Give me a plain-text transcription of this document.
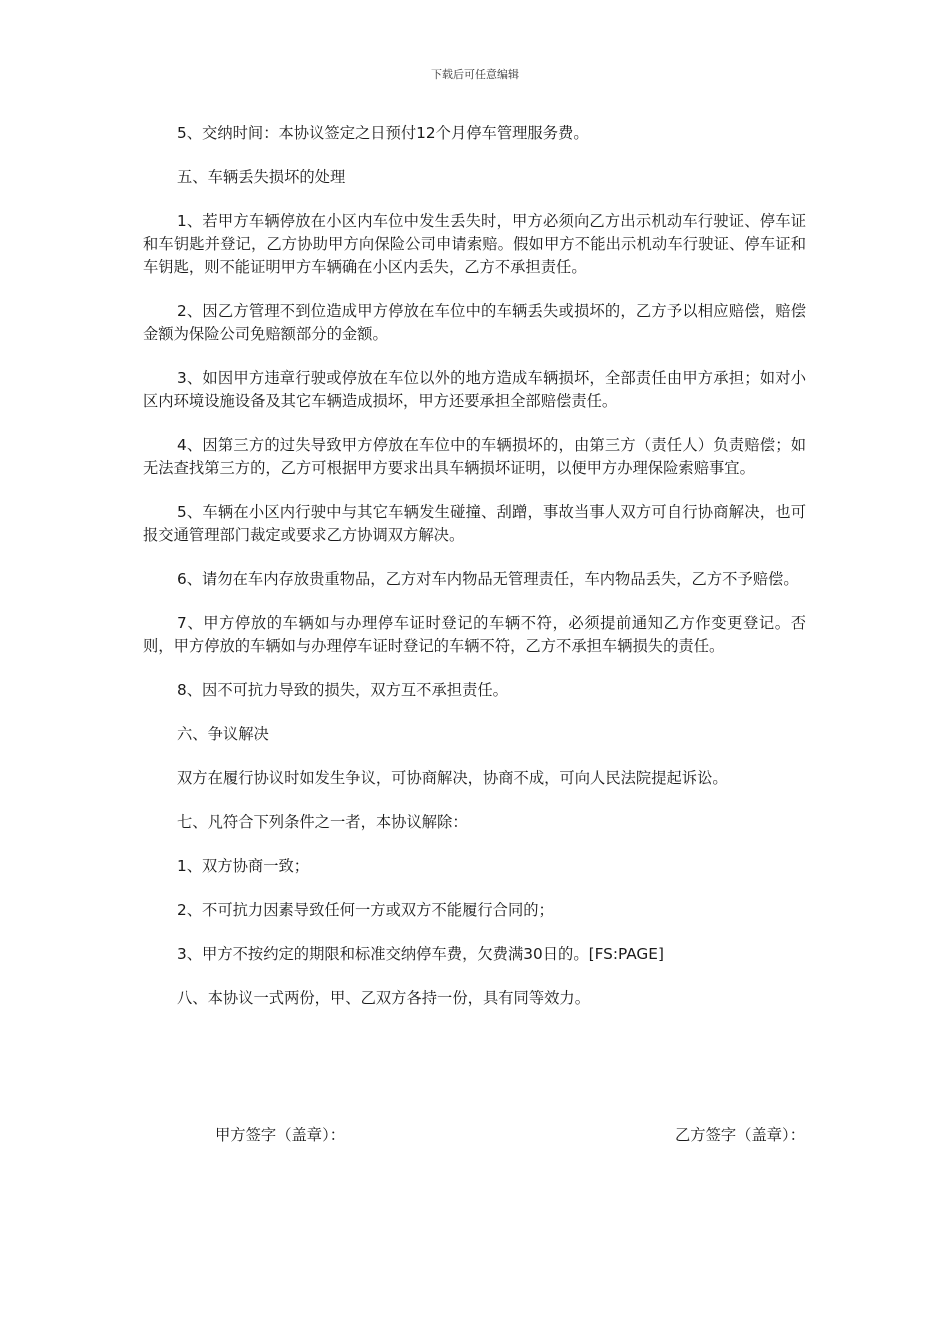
下载后可任意编辑

5、交纳时间：本协议签定之日预付12个月停车管理服务费。

五、车辆丢失损坏的处理

1、若甲方车辆停放在小区内车位中发生丢失时，甲方必须向乙方出示机动车行驶证、停车证和车钥匙并登记，乙方协助甲方向保险公司申请索赔。假如甲方不能出示机动车行驶证、停车证和车钥匙，则不能证明甲方车辆确在小区内丢失，乙方不承担责任。

2、因乙方管理不到位造成甲方停放在车位中的车辆丢失或损坏的，乙方予以相应赔偿，赔偿金额为保险公司免赔额部分的金额。

3、如因甲方违章行驶或停放在车位以外的地方造成车辆损坏，全部责任由甲方承担；如对小区内环境设施设备及其它车辆造成损坏，甲方还要承担全部赔偿责任。

4、因第三方的过失导致甲方停放在车位中的车辆损坏的，由第三方（责任人）负责赔偿；如无法查找第三方的，乙方可根据甲方要求出具车辆损坏证明，以便甲方办理保险索赔事宜。

5、车辆在小区内行驶中与其它车辆发生碰撞、刮蹭，事故当事人双方可自行协商解决，也可报交通管理部门裁定或要求乙方协调双方解决。

6、请勿在车内存放贵重物品，乙方对车内物品无管理责任，车内物品丢失，乙方不予赔偿。

7、甲方停放的车辆如与办理停车证时登记的车辆不符，必须提前通知乙方作变更登记。否则，甲方停放的车辆如与办理停车证时登记的车辆不符，乙方不承担车辆损失的责任。

8、因不可抗力导致的损失，双方互不承担责任。

六、争议解决

双方在履行协议时如发生争议，可协商解决，协商不成，可向人民法院提起诉讼。

七、凡符合下列条件之一者，本协议解除：

1、双方协商一致；

2、不可抗力因素导致任何一方或双方不能履行合同的；

3、甲方不按约定的期限和标准交纳停车费，欠费满30日的。[FS:PAGE]

八、本协议一式两份，甲、乙双方各持一份，具有同等效力。

甲方签字（盖章）：	乙方签字（盖章）：
